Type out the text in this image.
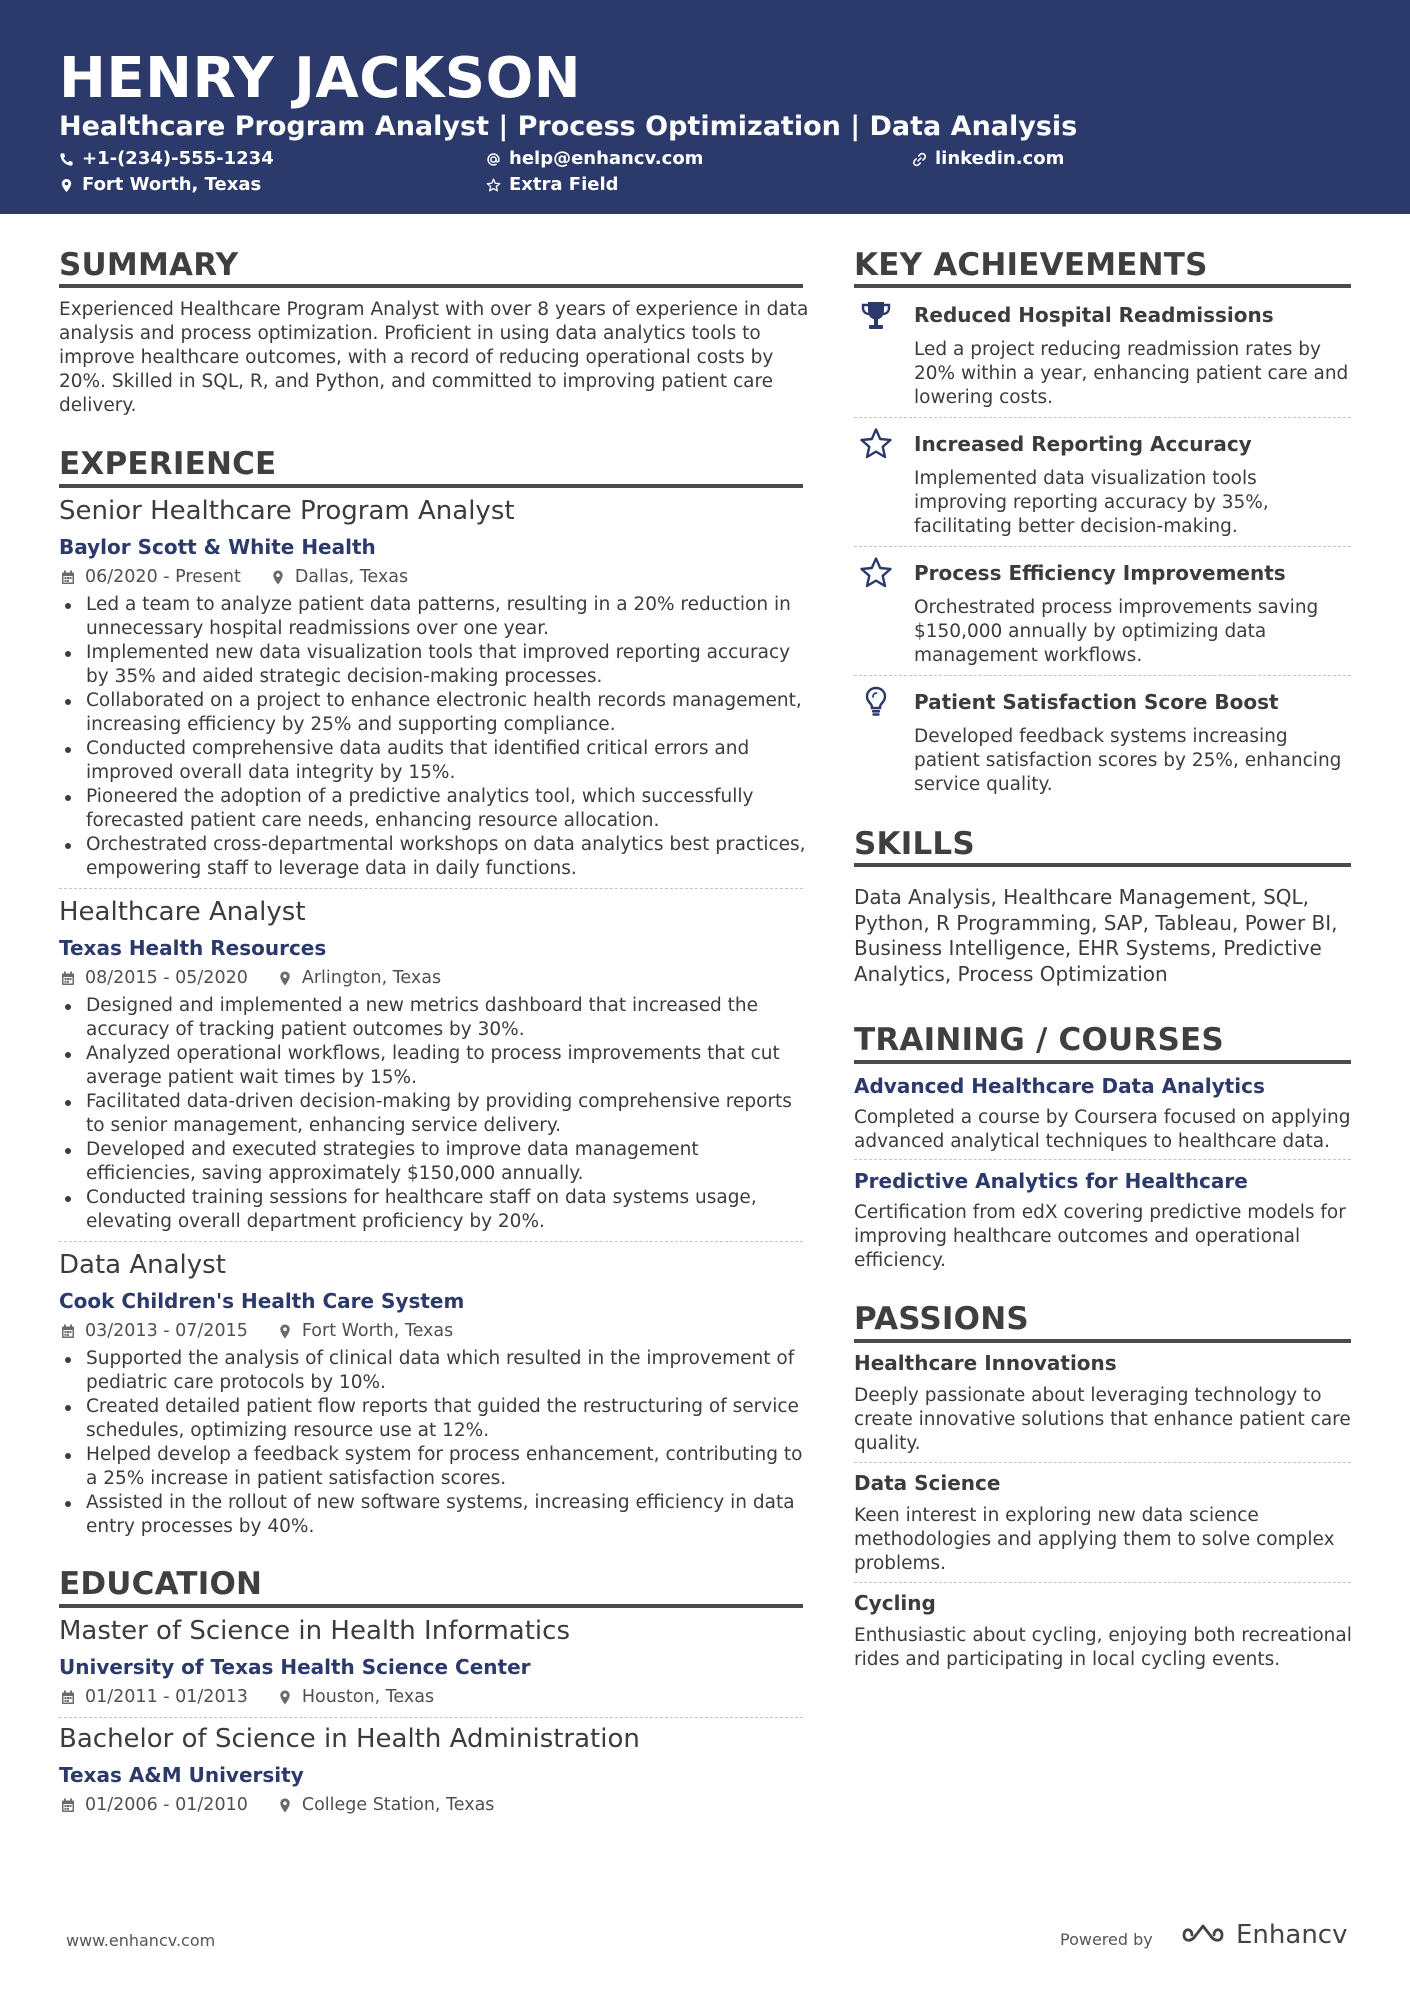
HENRY JACKSON
Healthcare Program Analyst | Process Optimization | Data Analysis
+1-(234)-555-1234	help@enhancv.com	linkedin.com
Fort Worth, Texas	Extra Field
SUMMARY
Experienced Healthcare Program Analyst with over 8 years of experience in data analysis and process optimization. Proficient in using data analytics tools to improve healthcare outcomes, with a record of reducing operational costs by 20%. Skilled in SQL, R, and Python, and committed to improving patient care delivery.
EXPERIENCE
Senior Healthcare Program Analyst
Baylor Scott & White Health
06/2020 - Present	Dallas, Texas
Led a team to analyze patient data patterns, resulting in a 20% reduction in unnecessary hospital readmissions over one year.
Implemented new data visualization tools that improved reporting accuracy by 35% and aided strategic decision-making processes.
Collaborated on a project to enhance electronic health records management, increasing efficiency by 25% and supporting compliance.
Conducted comprehensive data audits that identified critical errors and improved overall data integrity by 15%.
Pioneered the adoption of a predictive analytics tool, which successfully forecasted patient care needs, enhancing resource allocation.
Orchestrated cross-departmental workshops on data analytics best practices, empowering staff to leverage data in daily functions.
Healthcare Analyst
Texas Health Resources
08/2015 - 05/2020	Arlington, Texas
Designed and implemented a new metrics dashboard that increased the accuracy of tracking patient outcomes by 30%.
Analyzed operational workflows, leading to process improvements that cut average patient wait times by 15%.
Facilitated data-driven decision-making by providing comprehensive reports to senior management, enhancing service delivery.
Developed and executed strategies to improve data management efficiencies, saving approximately $150,000 annually.
Conducted training sessions for healthcare staff on data systems usage, elevating overall department proficiency by 20%.
Data Analyst
Cook Children's Health Care System
03/2013 - 07/2015	Fort Worth, Texas
Supported the analysis of clinical data which resulted in the improvement of pediatric care protocols by 10%.
Created detailed patient flow reports that guided the restructuring of service schedules, optimizing resource use at 12%.
Helped develop a feedback system for process enhancement, contributing to a 25% increase in patient satisfaction scores.
Assisted in the rollout of new software systems, increasing efficiency in data entry processes by 40%.
EDUCATION
Master of Science in Health Informatics
University of Texas Health Science Center
01/2011 - 01/2013	Houston, Texas
Bachelor of Science in Health Administration
Texas A&M University
01/2006 - 01/2010	College Station, Texas
KEY ACHIEVEMENTS
Reduced Hospital Readmissions
Led a project reducing readmission rates by 20% within a year, enhancing patient care and lowering costs.
Increased Reporting Accuracy
Implemented data visualization tools improving reporting accuracy by 35%, facilitating better decision-making.
Process Efficiency Improvements
Orchestrated process improvements saving $150,000 annually by optimizing data management workflows.
Patient Satisfaction Score Boost
Developed feedback systems increasing patient satisfaction scores by 25%, enhancing service quality.
SKILLS
Data Analysis, Healthcare Management, SQL, Python, R Programming, SAP, Tableau, Power BI, Business Intelligence, EHR Systems, Predictive Analytics, Process Optimization
TRAINING / COURSES
Advanced Healthcare Data Analytics
Completed a course by Coursera focused on applying advanced analytical techniques to healthcare data.
Predictive Analytics for Healthcare
Certification from edX covering predictive models for improving healthcare outcomes and operational efficiency.
PASSIONS
Healthcare Innovations
Deeply passionate about leveraging technology to create innovative solutions that enhance patient care quality.
Data Science
Keen interest in exploring new data science methodologies and applying them to solve complex problems.
Cycling
Enthusiastic about cycling, enjoying both recreational rides and participating in local cycling events.
www.enhancv.com	Powered by	Enhancv
